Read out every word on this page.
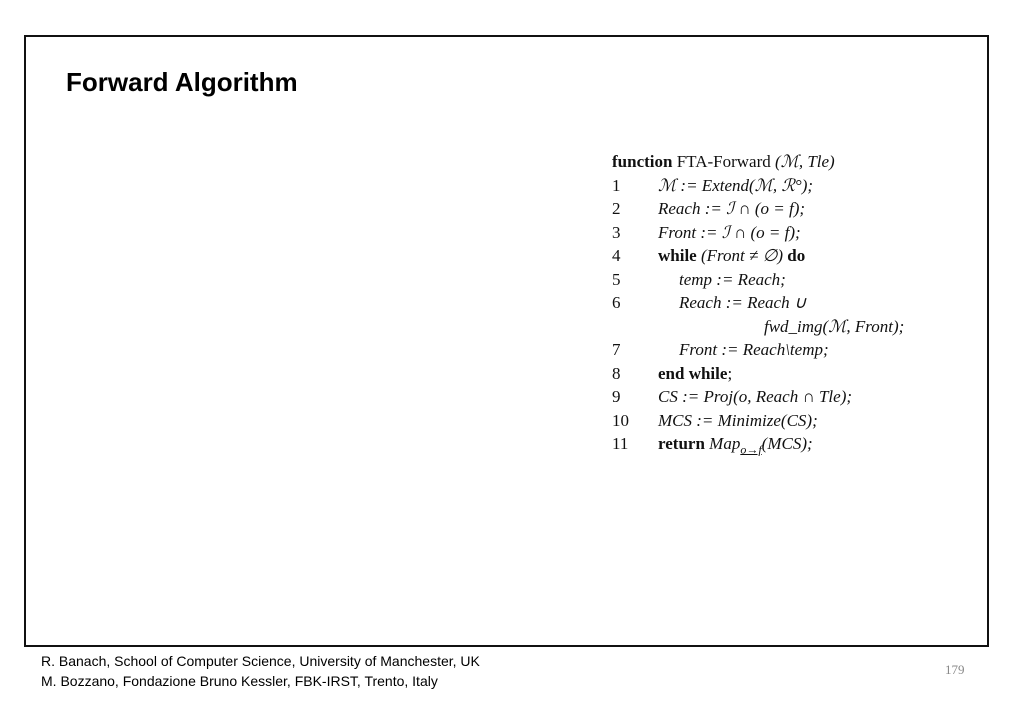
Forward Algorithm
function FTA-Forward (ℳ, Tle)
1	ℳ := Extend(ℳ, ℛ°);
2	Reach := ℐ ∩ (o = f);
3	Front := ℐ ∩ (o = f);
4	while (Front ≠ ∅) do
5	temp := Reach;
6	Reach := Reach ∪
fwd_img(ℳ, Front);
7	Front := Reach\temp;
8	end while;
9	CS := Proj(o, Reach ∩ Tle);
10	MCS := Minimize(CS);
11	return Map$_{o\to f}$(MCS);
R. Banach, School of Computer Science, University of Manchester, UK
M. Bozzano, Fondazione Bruno Kessler, FBK-IRST, Trento, Italy
179
